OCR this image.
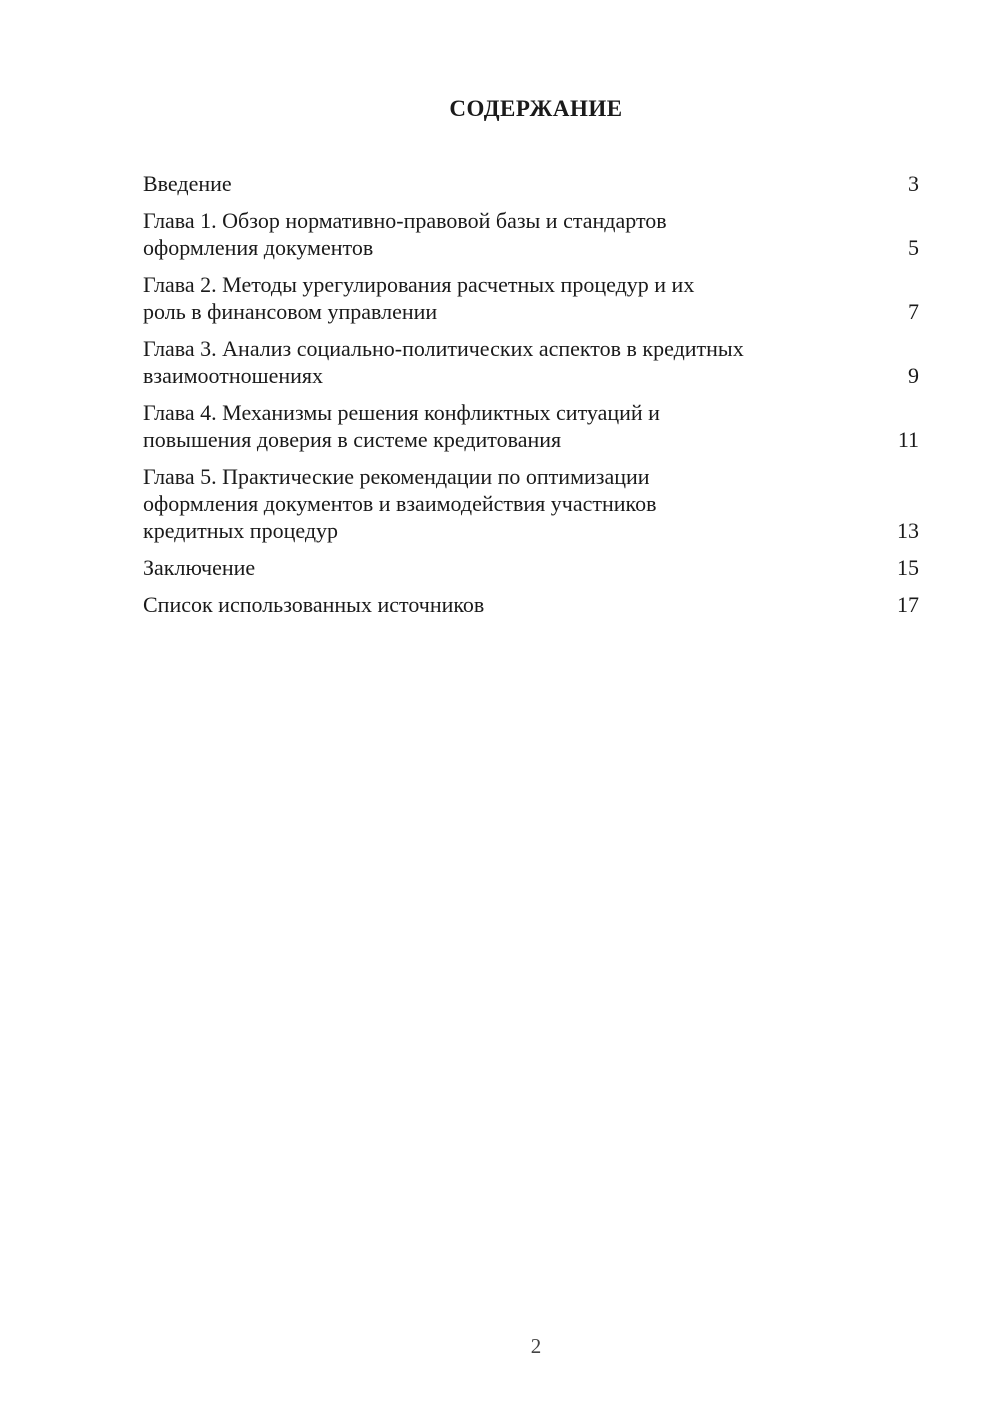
СОДЕРЖАНИЕ
Введение	3
Глава 1. Обзор нормативно-правовой базы и стандартов
оформления документов	5
Глава 2. Методы урегулирования расчетных процедур и их
роль в финансовом управлении	7
Глава 3. Анализ социально-политических аспектов в кредитных
взаимоотношениях	9
Глава 4. Механизмы решения конфликтных ситуаций и
повышения доверия в системе кредитования	11
Глава 5. Практические рекомендации по оптимизации
оформления документов и взаимодействия участников
кредитных процедур	13
Заключение	15
Список использованных источников	17
2
